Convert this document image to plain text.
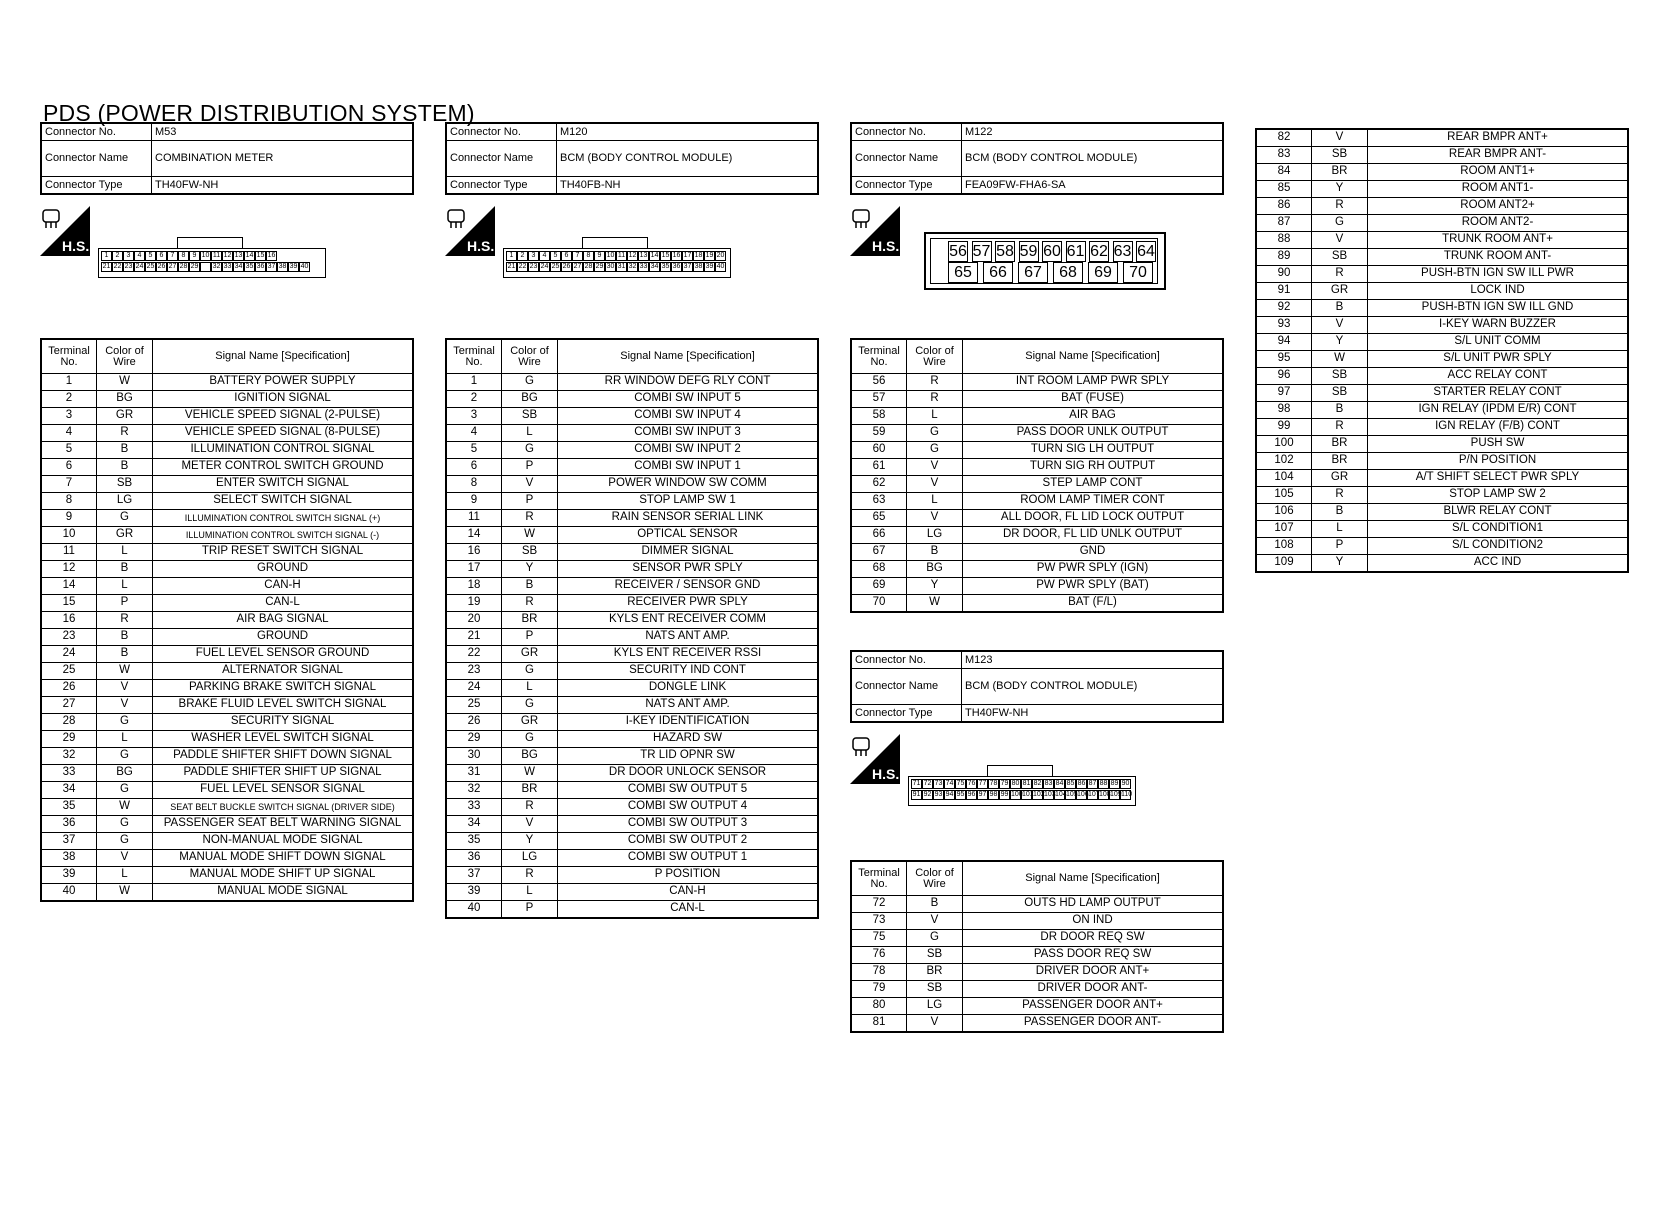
PDS (POWER DISTRIBUTION SYSTEM)
Connector No.	M53
Connector Name	COMBINATION METER
Connector Type	TH40FW-NH
H.S.
1	2	3	4	5	6	7	8	9 10 11 12 13 14 15 16
21 22 23 24 25 26 27 28 29 32 33 34 35 36 37 38 39 40
Terminal No.	Color of Wire	Signal Name [Specification]
1	W	BATTERY POWER SUPPLY
2	BG	IGNITION SIGNAL
3	GR	VEHICLE SPEED SIGNAL (2-PULSE)
4	R	VEHICLE SPEED SIGNAL (8-PULSE)
5	B	ILLUMINATION CONTROL SIGNAL
6	B	METER CONTROL SWITCH GROUND
7	SB	ENTER SWITCH SIGNAL
8	LG	SELECT SWITCH SIGNAL
9	G	ILLUMINATION CONTROL SWITCH SIGNAL (+)
10	GR	ILLUMINATION CONTROL SWITCH SIGNAL (-)
11	L	TRIP RESET SWITCH SIGNAL
12	B	GROUND
14	L	CAN-H
15	P	CAN-L
16	R	AIR BAG SIGNAL
23	B	GROUND
24	B	FUEL LEVEL SENSOR GROUND
25	W	ALTERNATOR SIGNAL
26	V	PARKING BRAKE SWITCH SIGNAL
27	V	BRAKE FLUID LEVEL SWITCH SIGNAL
28	G	SECURITY SIGNAL
29	L	WASHER LEVEL SWITCH SIGNAL
32	G	PADDLE SHIFTER SHIFT DOWN SIGNAL
33	BG	PADDLE SHIFTER SHIFT UP SIGNAL
34	G	FUEL LEVEL SENSOR SIGNAL
35	W	SEAT BELT BUCKLE SWITCH SIGNAL (DRIVER SIDE)
36	G	PASSENGER SEAT BELT WARNING SIGNAL
37	G	NON-MANUAL MODE SIGNAL
38	V	MANUAL MODE SHIFT DOWN SIGNAL
39	L	MANUAL MODE SHIFT UP SIGNAL
40	W	MANUAL MODE SIGNAL
Connector No.	M120
Connector Name	BCM (BODY CONTROL MODULE)
Connector Type	TH40FB-NH
H.S.
1	2	3	4	5	6	7	8	9 10 11 12 13 14 15 16 17 18 19 20
21 22 23 24 25 26 27 28 29 30 31 32 33 34 35 36 37 38 39 40
Terminal No.	Color of Wire	Signal Name [Specification]
1	G	RR WINDOW DEFG RLY CONT
2	BG	COMBI SW INPUT 5
3	SB	COMBI SW INPUT 4
4	L	COMBI SW INPUT 3
5	G	COMBI SW INPUT 2
6	P	COMBI SW INPUT 1
8	V	POWER WINDOW SW COMM
9	P	STOP LAMP SW 1
11	R	RAIN SENSOR SERIAL LINK
14	W	OPTICAL SENSOR
16	SB	DIMMER SIGNAL
17	Y	SENSOR PWR SPLY
18	B	RECEIVER / SENSOR GND
19	R	RECEIVER PWR SPLY
20	BR	KYLS ENT RECEIVER COMM
21	P	NATS ANT AMP.
22	GR	KYLS ENT RECEIVER RSSI
23	G	SECURITY IND CONT
24	L	DONGLE LINK
25	G	NATS ANT AMP.
26	GR	I-KEY IDENTIFICATION
29	G	HAZARD SW
30	BG	TR LID OPNR SW
31	W	DR DOOR UNLOCK SENSOR
32	BR	COMBI SW OUTPUT 5
33	R	COMBI SW OUTPUT 4
34	V	COMBI SW OUTPUT 3
35	Y	COMBI SW OUTPUT 2
36	LG	COMBI SW OUTPUT 1
37	R	P POSITION
39	L	CAN-H
40	P	CAN-L
Connector No.	M122
Connector Name	BCM (BODY CONTROL MODULE)
Connector Type	FEA09FW-FHA6-SA
H.S.	56 57 58 59 60 61 62 63 64
65	66	67	68	69	70
Terminal No.	Color of Wire	Signal Name [Specification]
56	R	INT ROOM LAMP PWR SPLY
57	R	BAT (FUSE)
58	L	AIR BAG
59	G	PASS DOOR UNLK OUTPUT
60	G	TURN SIG LH OUTPUT
61	V	TURN SIG RH OUTPUT
62	V	STEP LAMP CONT
63	L	ROOM LAMP TIMER CONT
65	V	ALL DOOR, FL LID LOCK OUTPUT
66	LG	DR DOOR, FL LID UNLK OUTPUT
67	B	GND
68	BG	PW PWR SPLY (IGN)
69	Y	PW PWR SPLY (BAT)
70	W	BAT (F/L)
Connector No.	M123
Connector Name	BCM (BODY CONTROL MODULE)
Connector Type	TH40FW-NH
H.S.
71 72 73 74 75 76 77 78 79 80 81 82 83 84 85 86 87 88 89 90
91 92 93 94 95 96 97 98 99 100 101 102 103 104 105 106 107 108 109 110
Terminal No.	Color of Wire	Signal Name [Specification]
72	B	OUTS HD LAMP OUTPUT
73	V	ON IND
75	G	DR DOOR REQ SW
76	SB	PASS DOOR REQ SW
78	BR	DRIVER DOOR ANT+
79	SB	DRIVER DOOR ANT-
80	LG	PASSENGER DOOR ANT+
81	V	PASSENGER DOOR ANT-
82	V	REAR BMPR ANT+
83	SB	REAR BMPR ANT-
84	BR	ROOM ANT1+
85	Y	ROOM ANT1-
86	R	ROOM ANT2+
87	G	ROOM ANT2-
88	V	TRUNK ROOM ANT+
89	SB	TRUNK ROOM ANT-
90	R	PUSH-BTN IGN SW ILL PWR
91	GR	LOCK IND
92	B	PUSH-BTN IGN SW ILL GND
93	V	I-KEY WARN BUZZER
94	Y	S/L UNIT COMM
95	W	S/L UNIT PWR SPLY
96	SB	ACC RELAY CONT
97	SB	STARTER RELAY CONT
98	B	IGN RELAY (IPDM E/R) CONT
99	R	IGN RELAY (F/B) CONT
100	BR	PUSH SW
102	BR	P/N POSITION
104	GR	A/T SHIFT SELECT PWR SPLY
105	R	STOP LAMP SW 2
106	B	BLWR RELAY CONT
107	L	S/L CONDITION1
108	P	S/L CONDITION2
109	Y	ACC IND
